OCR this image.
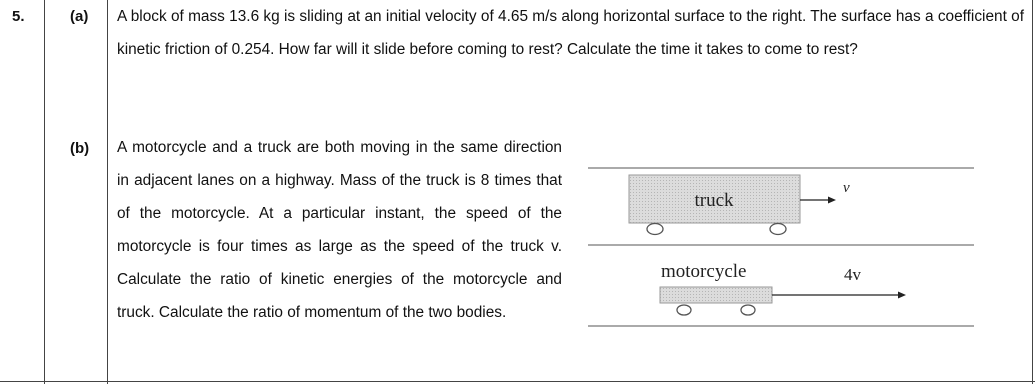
5.	(a) A block of mass 13.6 kg is sliding at an initial velocity of 4.65 m/s along horizontal surface to the right. The surface has a coefficient of kinetic friction of 0.254. How far will it slide before coming to rest? Calculate the time it takes to come to rest?

(b) A motorcycle and a truck are both moving in the same direction in adjacent lanes on a highway. Mass of the truck is 8 times that of the motorcycle. At a particular instant, the speed of the motorcycle is four times as large as the speed of the truck v. Calculate the ratio of kinetic energies of the motorcycle and truck. Calculate the ratio of momentum of the two bodies.

truck
v
motorcycle	4v
